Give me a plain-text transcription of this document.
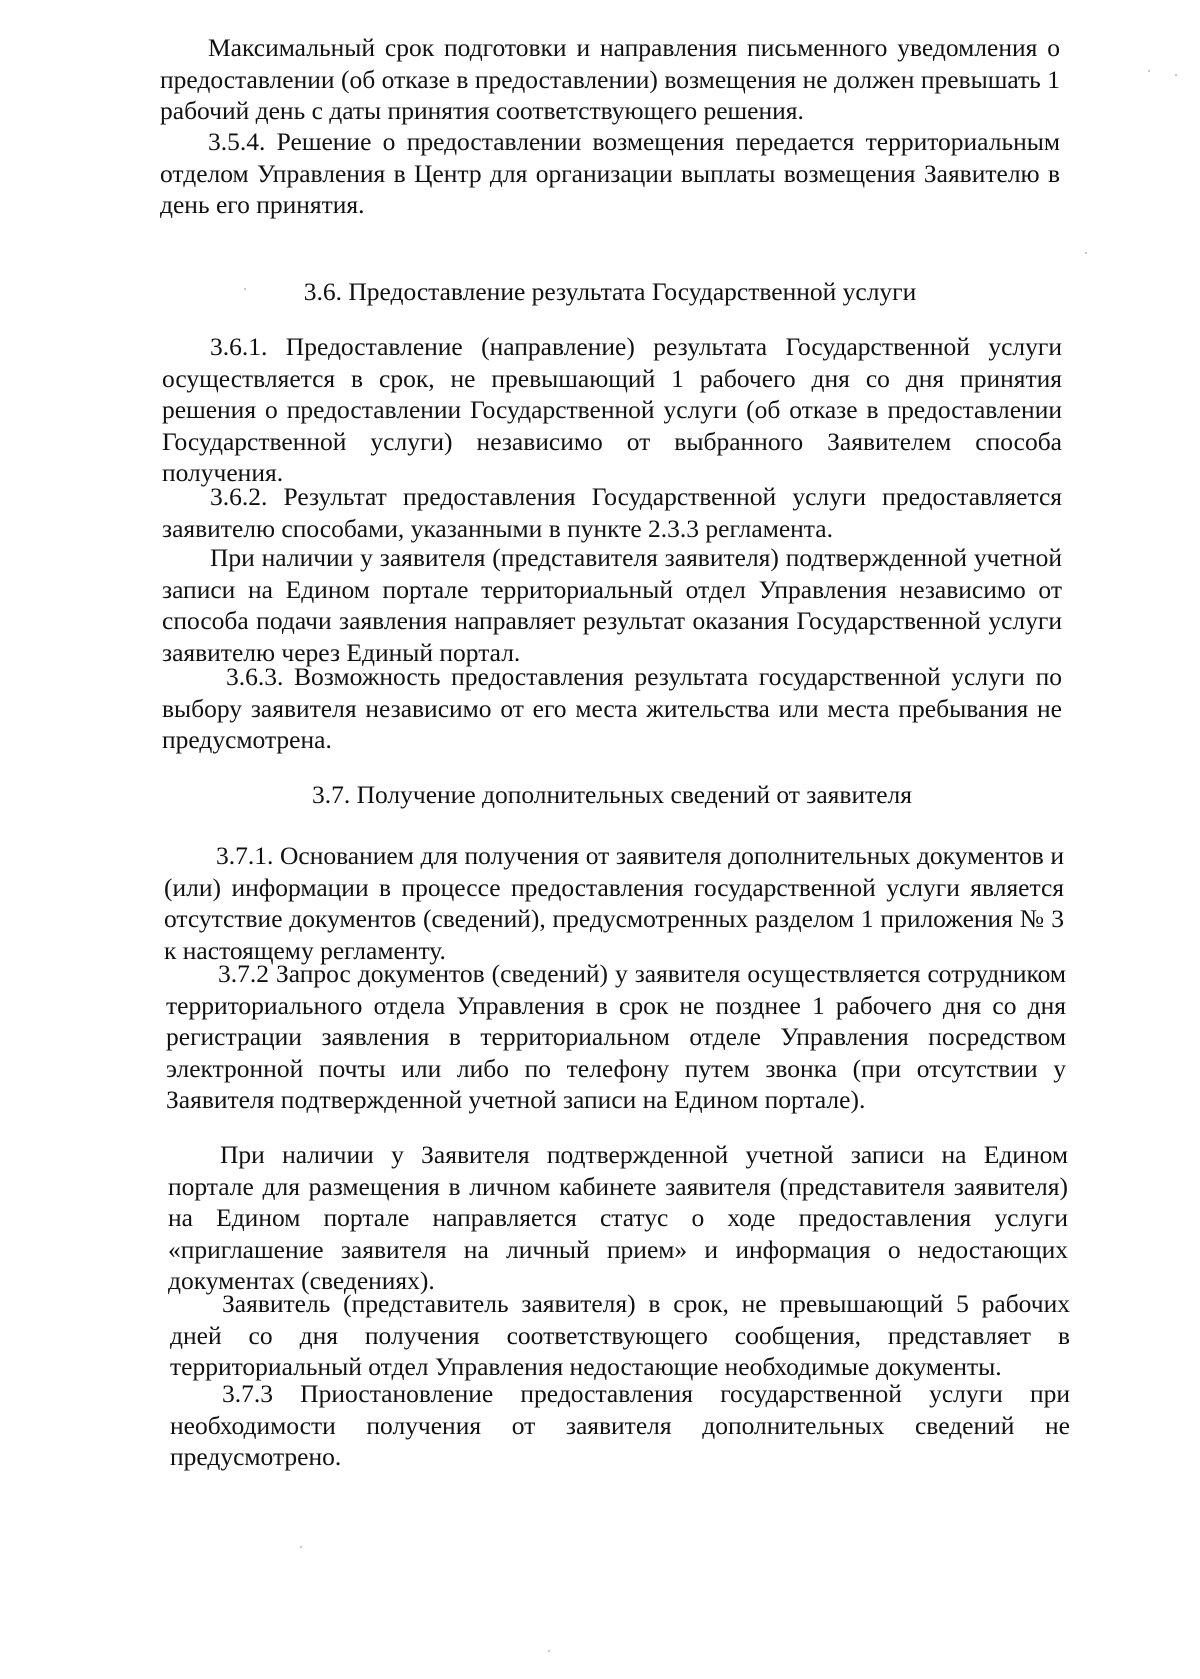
Максимальный срок подготовки и направления письменного уведомления о предоставлении (об отказе в предоставлении) возмещения не должен превышать 1 рабочий день с даты принятия соответствующего решения.

3.5.4. Решение о предоставлении возмещения передается территориальным отделом Управления в Центр для организации выплаты возмещения Заявителю в день его принятия.

3.6. Предоставление результата Государственной услуги

3.6.1. Предоставление (направление) результата Государственной услуги осуществляется в срок, не превышающий 1 рабочего дня со дня принятия решения о предоставлении Государственной услуги (об отказе в предоставлении Государственной услуги) независимо от выбранного Заявителем способа получения.

3.6.2. Результат предоставления Государственной услуги предоставляется заявителю способами, указанными в пункте 2.3.3 регламента.

При наличии у заявителя (представителя заявителя) подтвержденной учетной записи на Едином портале территориальный отдел Управления независимо от способа подачи заявления направляет результат оказания Государственной услуги заявителю через Единый портал.

3.6.3. Возможность предоставления результата государственной услуги по выбору заявителя независимо от его места жительства или места пребывания не предусмотрена.

3.7. Получение дополнительных сведений от заявителя

3.7.1. Основанием для получения от заявителя дополнительных документов и (или) информации в процессе предоставления государственной услуги является отсутствие документов (сведений), предусмотренных разделом 1 приложения № 3 к настоящему регламенту.

3.7.2 Запрос документов (сведений) у заявителя осуществляется сотрудником территориального отдела Управления в срок не позднее 1 рабочего дня со дня регистрации заявления в территориальном отделе Управления посредством электронной почты или либо по телефону путем звонка (при отсутствии у Заявителя подтвержденной учетной записи на Едином портале).

При наличии у Заявителя подтвержденной учетной записи на Едином портале для размещения в личном кабинете заявителя (представителя заявителя) на Едином портале направляется статус о ходе предоставления услуги «приглашение заявителя на личный прием» и информация о недостающих документах (сведениях).

Заявитель (представитель заявителя) в срок, не превышающий 5 рабочих дней со дня получения соответствующего сообщения, представляет в территориальный отдел Управления недостающие необходимые документы.

3.7.3 Приостановление предоставления государственной услуги при необходимости получения от заявителя дополнительных сведений не предусмотрено.
